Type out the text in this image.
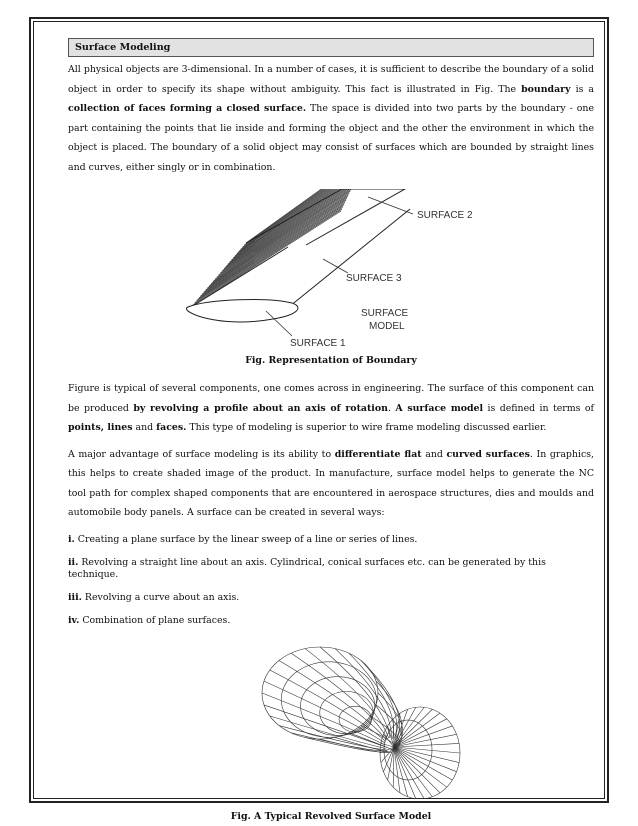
Surface Modeling

All physical objects are 3-dimensional. In a number of cases, it is sufficient to describe the boundary of a solid object in order to specify its shape without ambiguity. This fact is illustrated in Fig. The boundary is a collection of faces forming a closed surface. The space is divided into two parts by the boundary - one part containing the points that lie inside and forming the object and the other the environment in which the object is placed. The boundary of a solid object may consist of surfaces which are bounded by straight lines and curves, either singly or in combination.

SURFACE 2
SURFACE 3
SURFACE 1
SURFACE
MODEL
Fig. Representation of Boundary

Figure is typical of several components, one comes across in engineering. The surface of this component can be produced by revolving a profile about an axis of rotation. A surface model is defined in terms of points, lines and faces. This type of modeling is superior to wire frame modeling discussed earlier.

A major advantage of surface modeling is its ability to differentiate flat and curved surfaces. In graphics, this helps to create shaded image of the product. In manufacture, surface model helps to generate the NC tool path for complex shaped components that are encountered in aerospace structures, dies and moulds and automobile body panels. A surface can be created in several ways:

i. Creating a plane surface by the linear sweep of a line or series of lines.
ii. Revolving a straight line about an axis. Cylindrical, conical surfaces etc. can be generated by this technique.
iii. Revolving a curve about an axis.
iv. Combination of plane surfaces.
Fig. A Typical Revolved Surface Model
